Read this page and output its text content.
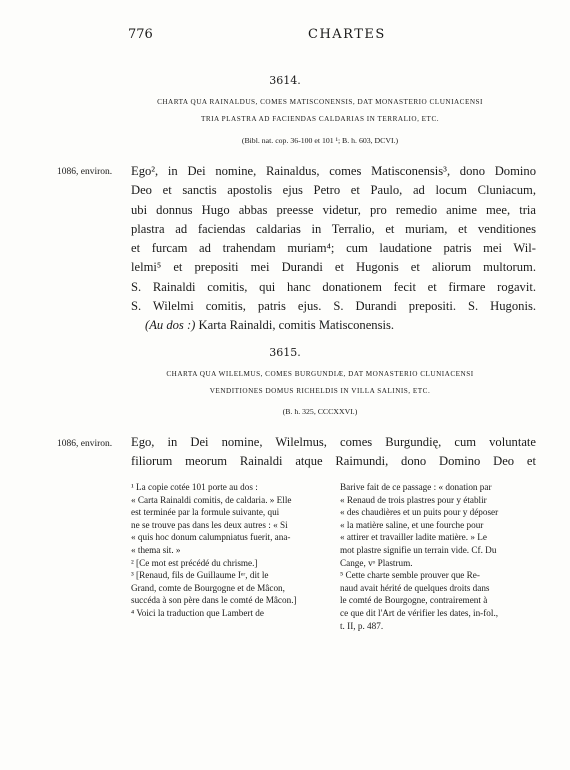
776	CHARTES
3614.
CHARTA QUA RAINALDUS, COMES MATISCONENSIS, DAT MONASTERIO CLUNIACENSI
TRIA PLASTRA AD FACIENDAS CALDARIAS IN TERRALIO, ETC.
(Bibl. nat. cop. 36-100 et 101 ¹; B. h. 603, DCVI.)
1086, environ. Ego², in Dei nomine, Rainaldus, comes Matisconensis³, dono Domino
Deo et sanctis apostolis ejus Petro et Paulo, ad locum Cluniacum,
ubi donnus Hugo abbas preesse videtur, pro remedio anime mee, tria
plastra ad faciendas caldarias in Terralio, et muriam, et venditiones
et furcam ad trahendam muriam⁴; cum laudatione patris mei Wil-
lelmi⁵ et prepositi mei Durandi et Hugonis et aliorum multorum.
S. Rainaldi comitis, qui hanc donationem fecit et firmare rogavit.
S. Wilelmi comitis, patris ejus. S. Durandi prepositi. S. Hugonis.
(Au dos :) Karta Rainaldi, comitis Matisconensis.
3615.
CHARTA QUA WILELMUS, COMES BURGUNDIÆ, DAT MONASTERIO CLUNIACENSI
VENDITIONES DOMUS RICHELDIS IN VILLA SALINIS, ETC.
(B. h. 325, CCCXXVI.)
1086, environ. Ego, in Dei nomine, Wilelmus, comes Burgundię, cum voluntate
filiorum meorum Rainaldi atque Raimundi, dono Domino Deo et
¹ La copie cotée 101 porte au dos :
« Carta Rainaldi comitis, de caldaria. » Elle
est terminée par la formule suivante, qui
ne se trouve pas dans les deux autres : « Si
« quis hoc donum calumpniatus fuerit, ana-
« thema sit. »
² [Ce mot est précédé du chrisme.]
³ [Renaud, fils de Guillaume Iᵉʳ, dit le
Grand, comte de Bourgogne et de Mâcon,
succéda à son père dans le comté de Mâcon.]
⁴ Voici la traduction que Lambert de
Barive fait de ce passage : « donation par
« Renaud de trois plastres pour y établir
« des chaudières et un puits pour y déposer
« la matière saline, et une fourche pour
« attirer et travailler ladite matière. » Le
mot plastre signifie un terrain vide. Cf. Du
Cange, vᵒ Plastrum.
⁵ Cette charte semble prouver que Re-
naud avait hérité de quelques droits dans
le comté de Bourgogne, contrairement à
ce que dit l'Art de vérifier les dates, in-fol.,
t. II, p. 487.
